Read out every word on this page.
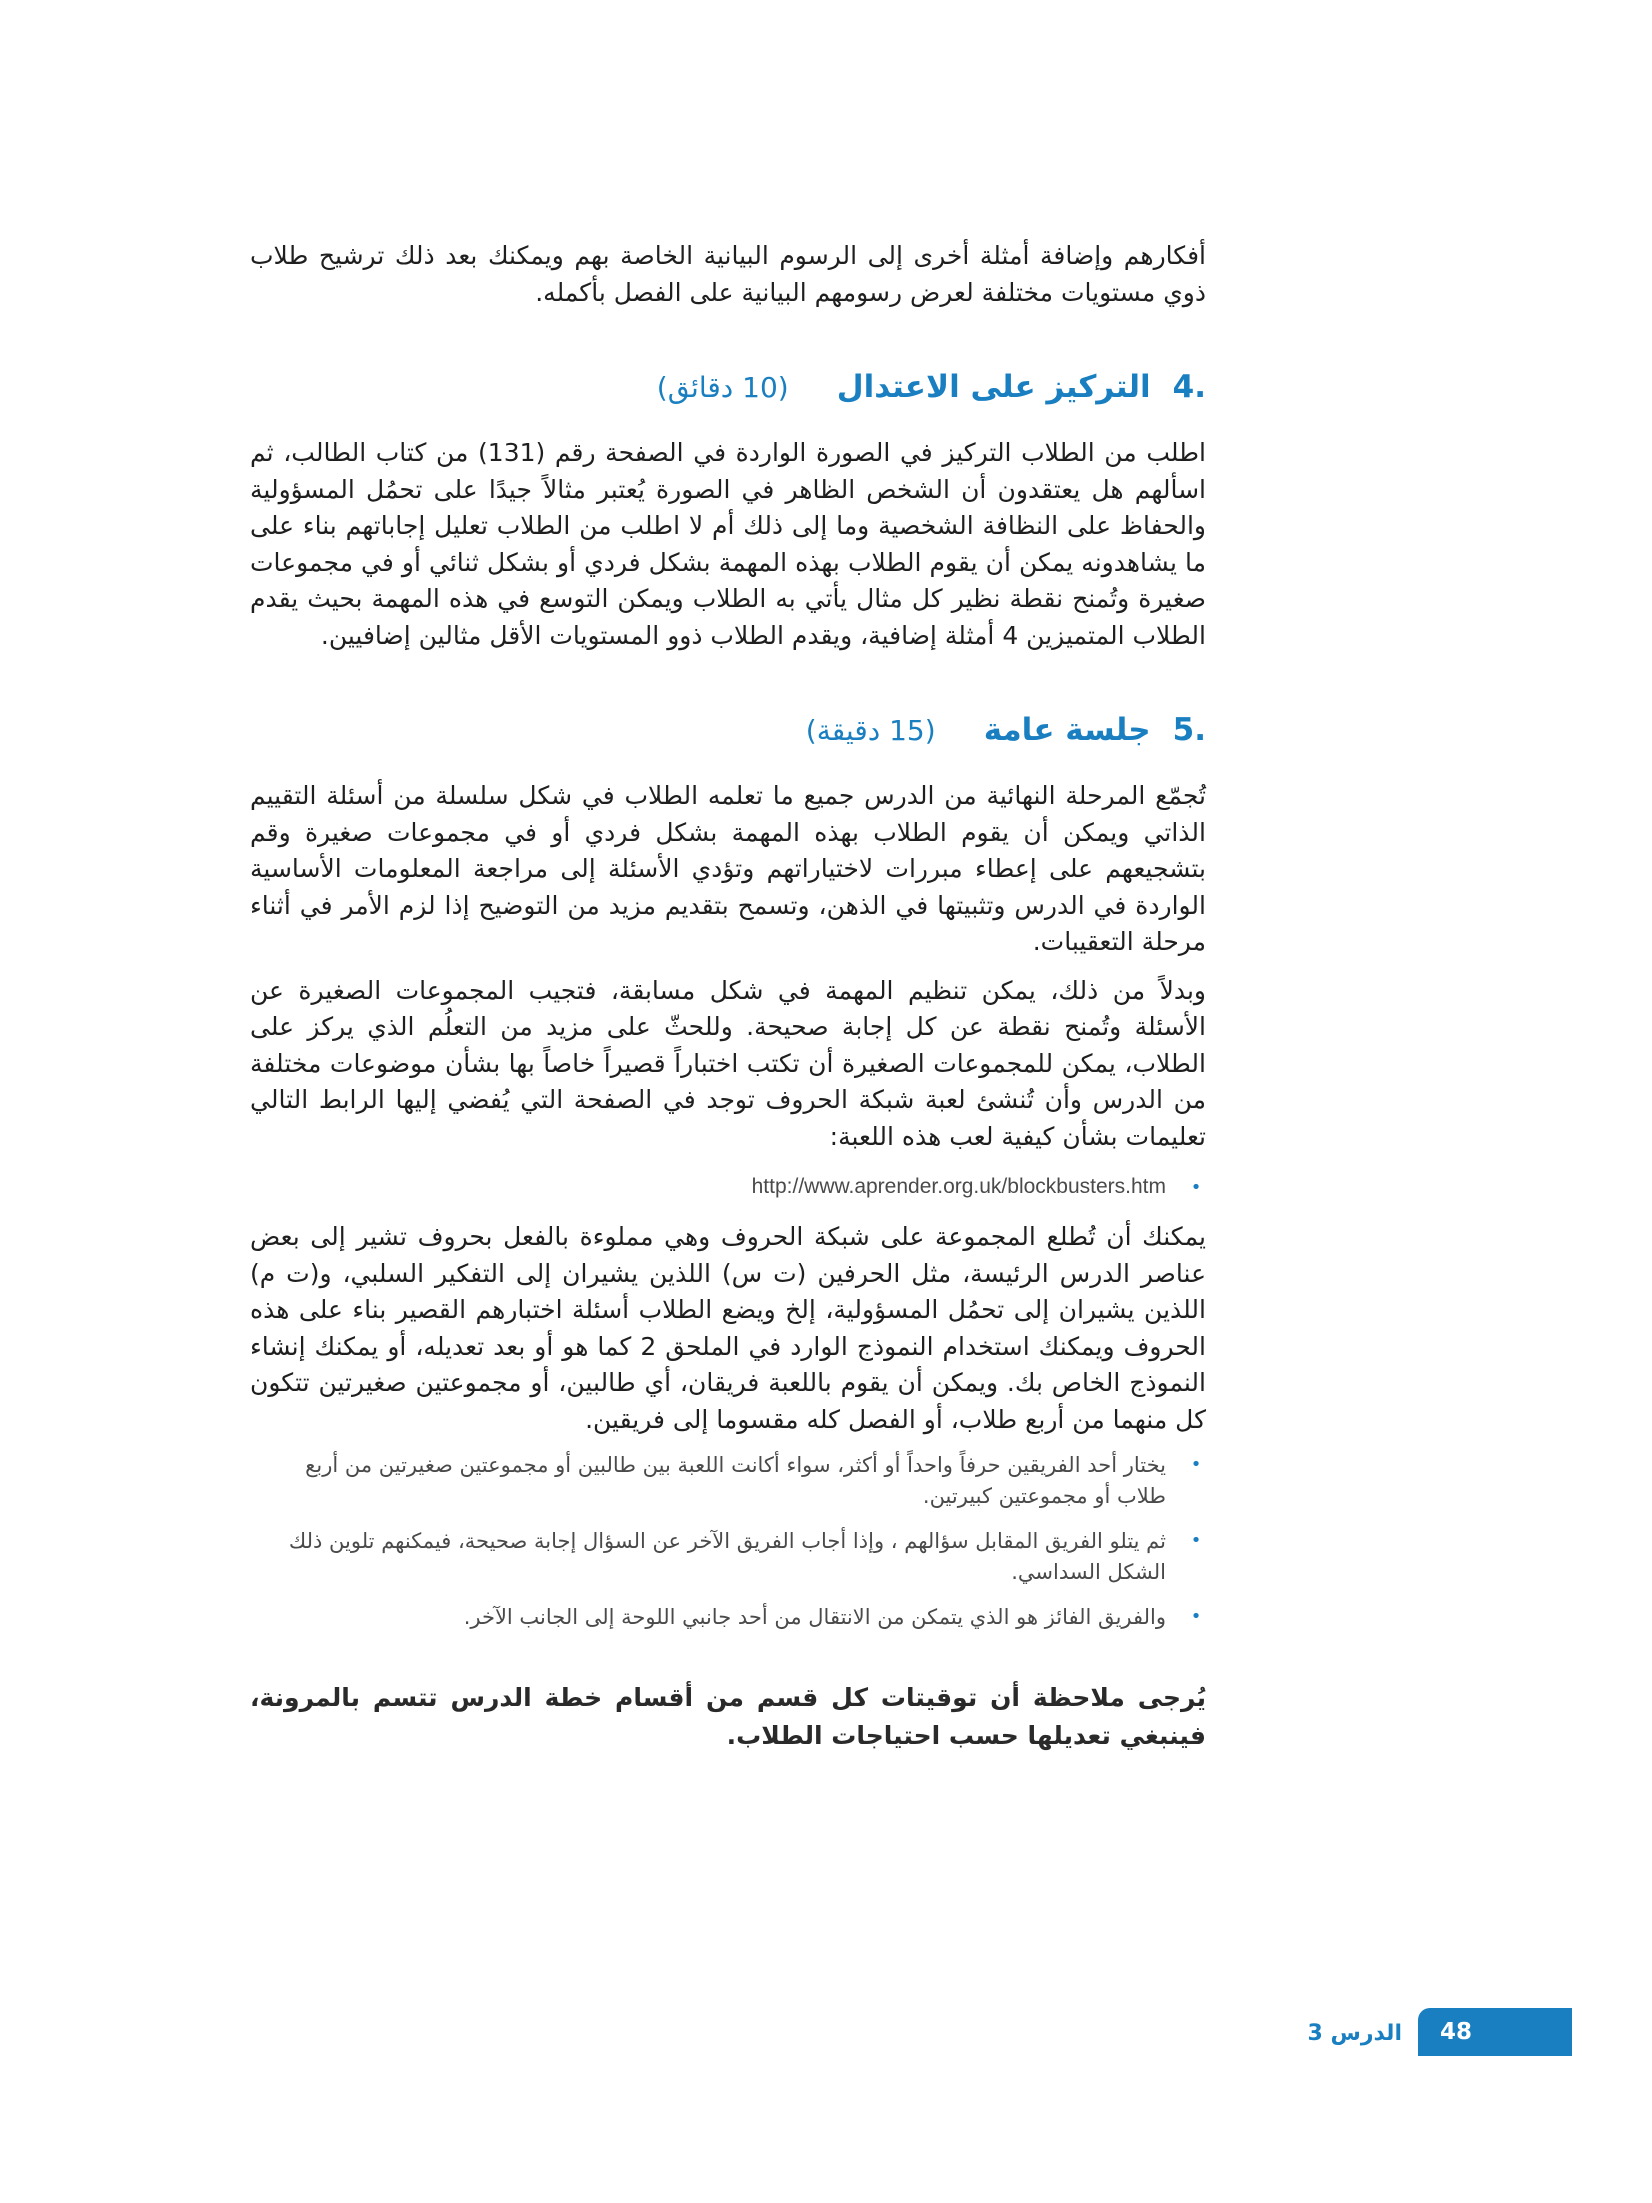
أفكارهم وإضافة أمثلة أخرى إلى الرسوم البيانية الخاصة بهم ويمكنك بعد ذلك ترشيح طلاب ذوي مستويات مختلفة لعرض رسومهم البيانية على الفصل بأكمله.

4.
التركيز على الاعتدال
(10 دقائق)

اطلب من الطلاب التركيز في الصورة الواردة في الصفحة رقم (131) من كتاب الطالب، ثم اسألهم هل يعتقدون أن الشخص الظاهر في الصورة يُعتبر مثالاً جيدًا على تحمُل المسؤولية والحفاظ على النظافة الشخصية وما إلى ذلك أم لا اطلب من الطلاب تعليل إجاباتهم بناء على ما يشاهدونه يمكن أن يقوم الطلاب بهذه المهمة بشكل فردي أو بشكل ثنائي أو في مجموعات صغيرة وتُمنح نقطة نظير كل مثال يأتي به الطلاب ويمكن التوسع في هذه المهمة بحيث يقدم الطلاب المتميزين 4 أمثلة إضافية، ويقدم الطلاب ذوو المستويات الأقل مثالين إضافيين.

5.
جلسة عامة
(15 دقيقة)

تُجمّع المرحلة النهائية من الدرس جميع ما تعلمه الطلاب في شكل سلسلة من أسئلة التقييم الذاتي ويمكن أن يقوم الطلاب بهذه المهمة بشكل فردي أو في مجموعات صغيرة وقم بتشجيعهم على إعطاء مبررات لاختياراتهم وتؤدي الأسئلة إلى مراجعة المعلومات الأساسية الواردة في الدرس وتثبيتها في الذهن، وتسمح بتقديم مزيد من التوضيح إذا لزم الأمر في أثناء مرحلة التعقيبات.

وبدلاً من ذلك، يمكن تنظيم المهمة في شكل مسابقة، فتجيب المجموعات الصغيرة عن الأسئلة وتُمنح نقطة عن كل إجابة صحيحة. وللحثّ على مزيد من التعلُم الذي يركز على الطلاب، يمكن للمجموعات الصغيرة أن تكتب اختباراً قصيراً خاصاً بها بشأن موضوعات مختلفة من الدرس وأن تُنشئ لعبة شبكة الحروف توجد في الصفحة التي يُفضي إليها الرابط التالي تعليمات بشأن كيفية لعب هذه اللعبة:

•
http://www.aprender.org.uk/blockbusters.htm

يمكنك أن تُطلع المجموعة على شبكة الحروف وهي مملوءة بالفعل بحروف تشير إلى بعض عناصر الدرس الرئيسة، مثل الحرفين (ت س) اللذين يشيران إلى التفكير السلبي، و(ت م) اللذين يشيران إلى تحمُل المسؤولية، إلخ ويضع الطلاب أسئلة اختبارهم القصير بناء على هذه الحروف ويمكنك استخدام النموذج الوارد في الملحق 2 كما هو أو بعد تعديله، أو يمكنك إنشاء النموذج الخاص بك. ويمكن أن يقوم باللعبة فريقان، أي طالبين، أو مجموعتين صغيرتين تتكون كل منهما من أربع طلاب، أو الفصل كله مقسوما إلى فريقين.

•
يختار أحد الفريقين حرفاً واحداً أو أكثر، سواء أكانت اللعبة بين طالبين أو مجموعتين صغيرتين من أربع طلاب أو مجموعتين كبيرتين.
•
ثم يتلو الفريق المقابل سؤالهم ، وإذا أجاب الفريق الآخر عن السؤال إجابة صحيحة، فيمكنهم تلوين ذلك الشكل السداسي.
•
والفريق الفائز هو الذي يتمكن من الانتقال من أحد جانبي اللوحة إلى الجانب الآخر.

يُرجى ملاحظة أن توقيتات كل قسم من أقسام خطة الدرس تتسم بالمرونة، فينبغي تعديلها حسب احتياجات الطلاب.

الدرس 3	48
